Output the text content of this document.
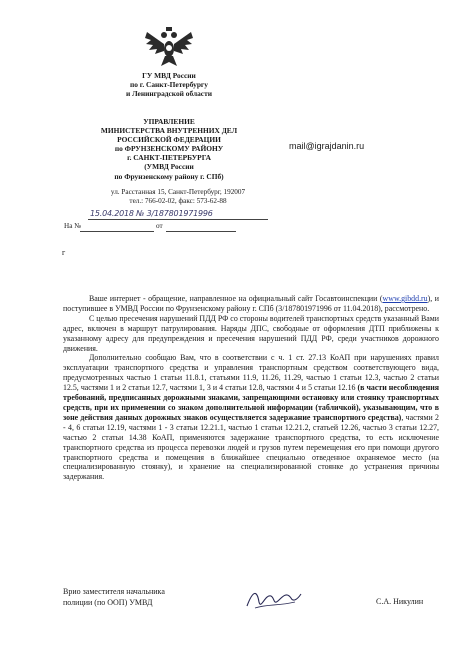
ГУ МВД России
по г. Санкт-Петербургу
и Ленинградской области
УПРАВЛЕНИЕ
МИНИСТЕРСТВА ВНУТРЕННИХ ДЕЛ
РОССИЙСКОЙ ФЕДЕРАЦИИ
по ФРУНЗЕНСКОМУ РАЙОНУ
г. САНКТ-ПЕТЕРБУРГА
(УМВД России
по Фрунзенскому району г. СПб)
ул. Расстанная 15, Санкт-Петербург, 192007
тел.: 766-02-02, факс: 573-62-88
15.04.2018 № 3/187801971996
На №	от
mail@igrajdanin.ru
г

Ваше интернет - обращение, направленное на официальный сайт Госавтоинспекции (www.gibdd.ru), и поступившее в УМВД России по Фрунзенскому району г. СПб (3/187801971996 от 11.04.2018), рассмотрено.

С целью пресечения нарушений ПДД РФ со стороны водителей транспортных средств указанный Вами адрес, включен в маршрут патрулирования. Наряды ДПС, свободные от оформления ДТП приближены к указанному адресу для предупреждения и пресечения нарушений ПДД РФ, среди участников дорожного движения.

Дополнительно сообщаю Вам, что в соответствии с ч. 1 ст. 27.13 КоАП при нарушениях правил эксплуатации транспортного средства и управления транспортным средством соответствующего вида, предусмотренных частью 1 статьи 11.8.1, статьями 11.9, 11.26, 11.29, частью 1 статьи 12.3, частью 2 статьи 12.5, частями 1 и 2 статьи 12.7, частями 1, 3 и 4 статьи 12.8, частями 4 и 5 статьи 12.16 (в части несоблюдения требований, предписанных дорожными знаками, запрещающими остановку или стоянку транспортных средств, при их применении со знаком дополнительной информации (табличкой), указывающим, что в зоне действия данных дорожных знаков осуществляется задержание транспортного средства), частями 2 - 4, 6 статьи 12.19, частями 1 - 3 статьи 12.21.1, частью 1 статьи 12.21.2, статьей 12.26, частью 3 статьи 12.27, частью 2 статьи 14.38 КоАП, применяются задержание транспортного средства, то есть исключение транспортного средства из процесса перевозки людей и грузов путем перемещения его при помощи другого транспортного средства и помещения в ближайшее специально отведенное охраняемое место (на специализированную стоянку), и хранение на специализированной стоянке до устранения причины задержания.

Врио заместителя начальника
полиции (по ООП) УМВД	С.А. Никулин
